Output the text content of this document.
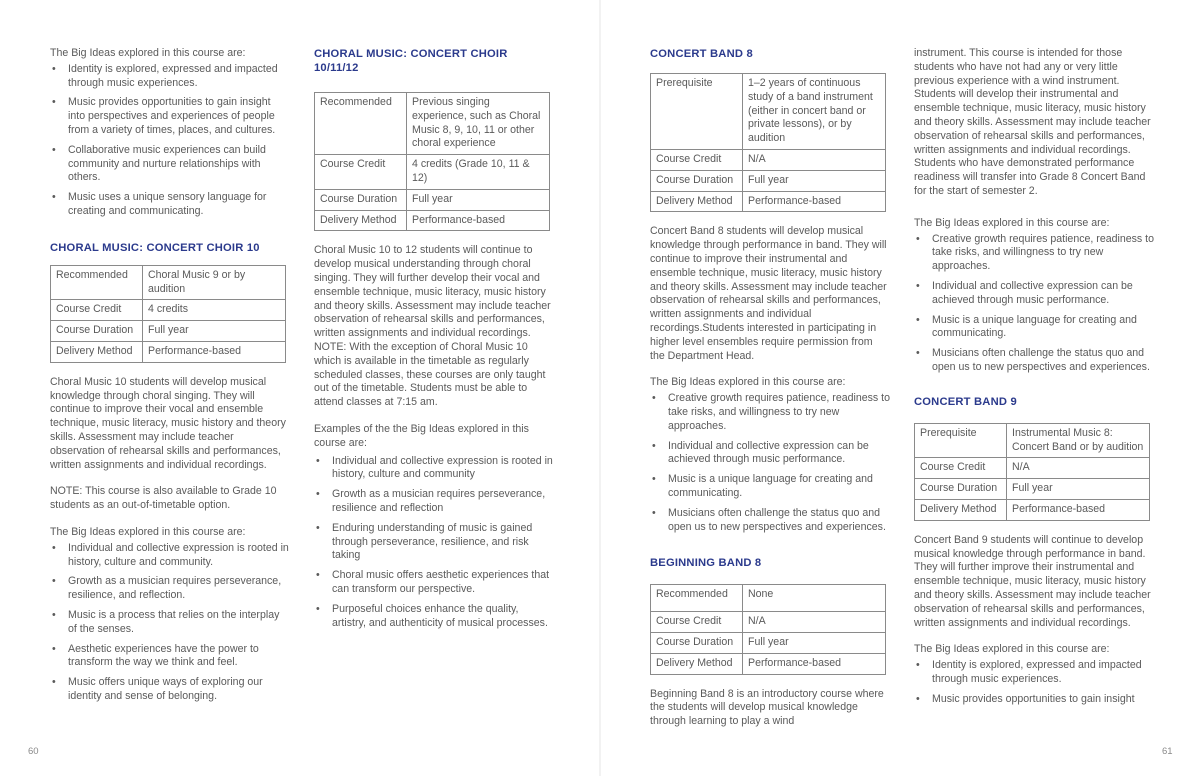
The Big Ideas explored in this course are:

• Identity is explored, expressed and impacted through music experiences.
• Music provides opportunities to gain insight into perspectives and experiences of people from a variety of times, places, and cultures.
• Collaborative music experiences can build community and nurture relationships with others.
• Music uses a unique sensory language for creating and communicating.
CHORAL MUSIC: CONCERT CHOIR 10
Recommended	Choral Music 9 or by audition
Course Credit	4 credits
Course Duration	Full year
Delivery Method	Performance-based

Choral Music 10 students will develop musical knowledge through choral singing. They will continue to improve their vocal and ensemble technique, music literacy, music history and theory skills. Assessment may include teacher observation of rehearsal skills and performances, written assignments and individual recordings.

NOTE: This course is also available to Grade 10 students as an out-of-timetable option.

The Big Ideas explored in this course are:

• Individual and collective expression is rooted in history, culture and community.
• Growth as a musician requires perseverance, resilience, and reflection.
• Music is a process that relies on the interplay of the senses.
• Aesthetic experiences have the power to transform the way we think and feel.
• Music offers unique ways of exploring our identity and sense of belonging.
CHORAL MUSIC: CONCERT CHOIR 10/11/12
Recommended	Previous singing experience, such as Choral Music 8, 9, 10, 11 or other choral experience
Course Credit	4 credits (Grade 10, 11 & 12)
Course Duration	Full year
Delivery Method	Performance-based

Choral Music 10 to 12 students will continue to develop musical understanding through choral singing. They will further develop their vocal and ensemble technique, music literacy, music history and theory skills. Assessment may include teacher observation of rehearsal skills and performances, written assignments and individual recordings. NOTE: With the exception of Choral Music 10 which is available in the timetable as regularly scheduled classes, these courses are only taught out of the timetable. Students must be able to attend classes at 7:15 am.

Examples of the the Big Ideas explored in this course are:

• Individual and collective expression is rooted in history, culture and community
• Growth as a musician requires perseverance, resilience and reflection
• Enduring understanding of music is gained through perseverance, resilience, and risk taking
• Choral music offers aesthetic experiences that can transform our perspective.
• Purposeful choices enhance the quality, artistry, and authenticity of musical processes.
CONCERT BAND 8
Prerequisite	1–2 years of continuous study of a band instrument (either in concert band or private lessons), or by audition
Course Credit	N/A
Course Duration	Full year
Delivery Method	Performance-based

Concert Band 8 students will develop musical knowledge through performance in band. They will continue to improve their instrumental and ensemble technique, music literacy, music history and theory skills. Assessment may include teacher observation of rehearsal skills and performances, written assignments and individual recordings.Students interested in participating in higher level ensembles require permission from the Department Head.

The Big Ideas explored in this course are:

• Creative growth requires patience, readiness to take risks, and willingness to try new approaches.
• Individual and collective expression can be achieved through music performance.
• Music is a unique language for creating and communicating.
• Musicians often challenge the status quo and open us to new perspectives and experiences.
BEGINNING BAND 8
Recommended	None
Course Credit	N/A
Course Duration	Full year
Delivery Method	Performance-based

Beginning Band 8 is an introductory course where the students will develop musical knowledge through learning to play a wind

instrument. This course is intended for those students who have not had any or very little previous experience with a wind instrument. Students will develop their instrumental and ensemble technique, music literacy, music history and theory skills. Assessment may include teacher observation of rehearsal skills and performances, written assignments and individual recordings. Students who have demonstrated performance readiness will transfer into Grade 8 Concert Band for the start of semester 2.

The Big Ideas explored in this course are:

• Creative growth requires patience, readiness to take risks, and willingness to try new approaches.
• Individual and collective expression can be achieved through music performance.
• Music is a unique language for creating and communicating.
• Musicians often challenge the status quo and open us to new perspectives and experiences.
CONCERT BAND 9
Prerequisite	Instrumental Music 8: Concert Band or by audition
Course Credit	N/A
Course Duration	Full year
Delivery Method	Performance-based

Concert Band 9 students will continue to develop musical knowledge through performance in band. They will further improve their instrumental and ensemble technique, music literacy, music history and theory skills. Assessment may include teacher observation of rehearsal skills and performances, written assignments and individual recordings.

The Big Ideas explored in this course are:

• Identity is explored, expressed and impacted through music experiences.
• Music provides opportunities to gain insight
60	61
